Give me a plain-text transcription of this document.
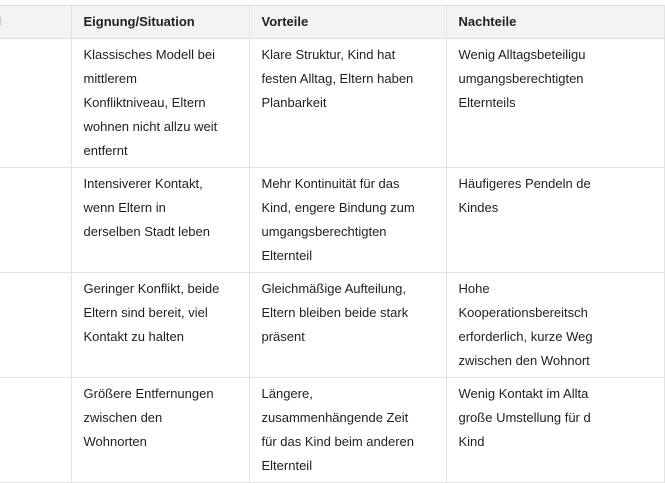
	Eignung/Situation	Vorteile	Nachteile

Klassisches Modell bei
mittlerem
Konfliktniveau, Eltern
wohnen nicht allzu weit
entfernt	Klare Struktur, Kind hat
festen Alltag, Eltern haben
Planbarkeit	Wenig Alltagsbeteiligu
umgangsberechtigten
Elternteils

Intensiverer Kontakt,
wenn Eltern in
derselben Stadt leben	Mehr Kontinuität für das
Kind, engere Bindung zum
umgangsberechtigten
Elternteil	Häufigeres Pendeln de
Kindes

Geringer Konflikt, beide
Eltern sind bereit, viel
Kontakt zu halten	Gleichmäßige Aufteilung,
Eltern bleiben beide stark
präsent	Hohe
Kooperationsbereitsch
erforderlich, kurze Weg
zwischen den Wohnort

Größere Entfernungen
zwischen den
Wohnorten	Längere,
zusammenhängende Zeit
für das Kind beim anderen
Elternteil	Wenig Kontakt im Allta
große Umstellung für d
Kind
